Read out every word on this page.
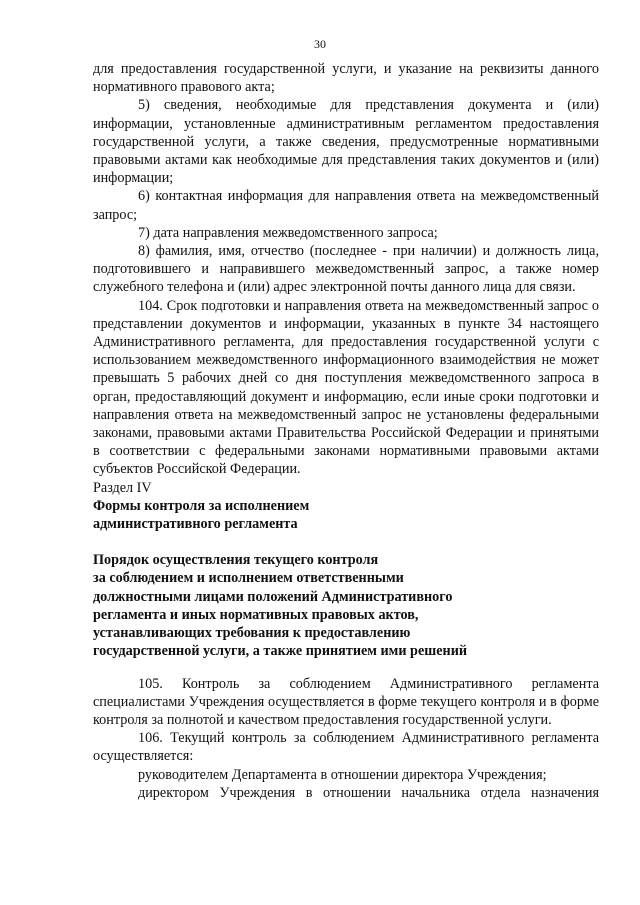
30

для предоставления государственной услуги, и указание на реквизиты данного нормативного правового акта;

5) сведения, необходимые для представления документа и (или) информации, установленные административным регламентом предоставления государственной услуги, а также сведения, предусмотренные нормативными правовыми актами как необходимые для представления таких документов и (или) информации;

6) контактная информация для направления ответа на межведомственный запрос;

7) дата направления межведомственного запроса;

8) фамилия, имя, отчество (последнее - при наличии) и должность лица, подготовившего и направившего межведомственный запрос, а также номер служебного телефона и (или) адрес электронной почты данного лица для связи.

104. Срок подготовки и направления ответа на межведомственный запрос о представлении документов и информации, указанных в пункте 34 настоящего Административного регламента, для предоставления государственной услуги с использованием межведомственного информационного взаимодействия не может превышать 5 рабочих дней со дня поступления межведомственного запроса в орган, предоставляющий документ и информацию, если иные сроки подготовки и направления ответа на межведомственный запрос не установлены федеральными законами, правовыми актами Правительства Российской Федерации и принятыми в соответствии с федеральными законами нормативными правовыми актами субъектов Российской Федерации.

Раздел IV

Формы контроля за исполнением

административного регламента

Порядок осуществления текущего контроля

за соблюдением и исполнением ответственными

должностными лицами положений Административного

регламента и иных нормативных правовых актов,

устанавливающих требования к предоставлению

государственной услуги, а также принятием ими решений

105. Контроль за соблюдением Административного регламента специалистами Учреждения осуществляется в форме текущего контроля и в форме контроля за полнотой и качеством предоставления государственной услуги.

106. Текущий контроль за соблюдением Административного регламента осуществляется:

руководителем Департамента в отношении директора Учреждения;

директором Учреждения в отношении начальника отдела назначения
